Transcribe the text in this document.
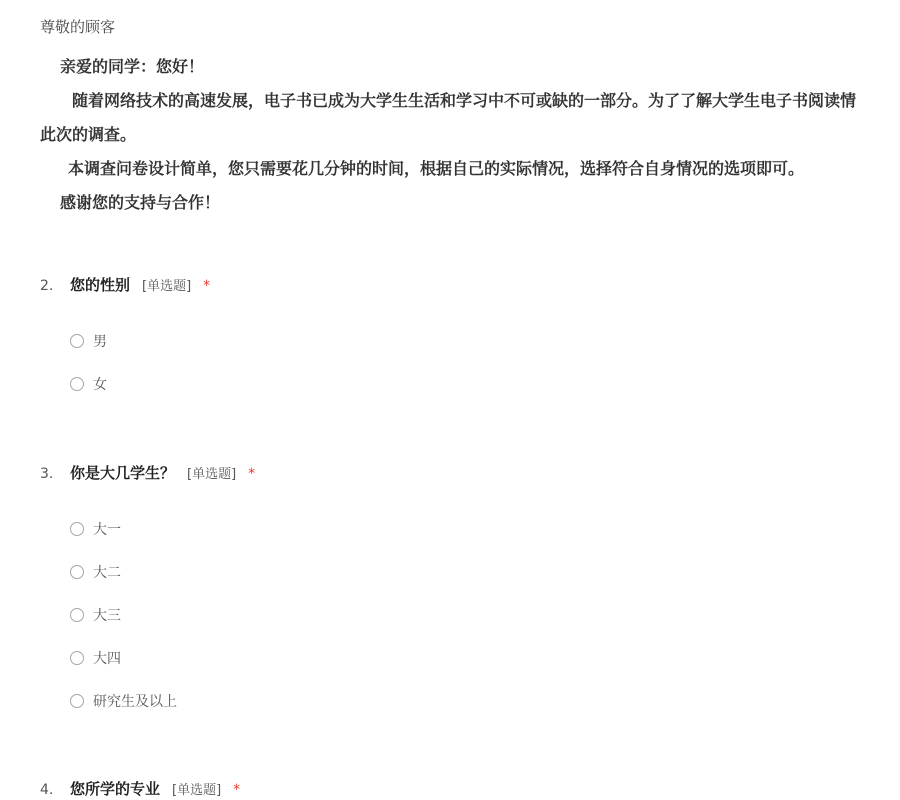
尊敬的顾客
亲爱的同学：您好！
随着网络技术的高速发展，电子书已成为大学生生活和学习中不可或缺的一部分。为了了解大学生电子书阅读情
此次的调查。
本调查问卷设计简单，您只需要花几分钟的时间，根据自己的实际情况，选择符合自身情况的选项即可。
感谢您的支持与合作！
2. 您的性别 [单选题] *
男
女
3. 你是大几学生？ [单选题] *
大一
大二
大三
大四
研究生及以上
4. 您所学的专业 [单选题] *
